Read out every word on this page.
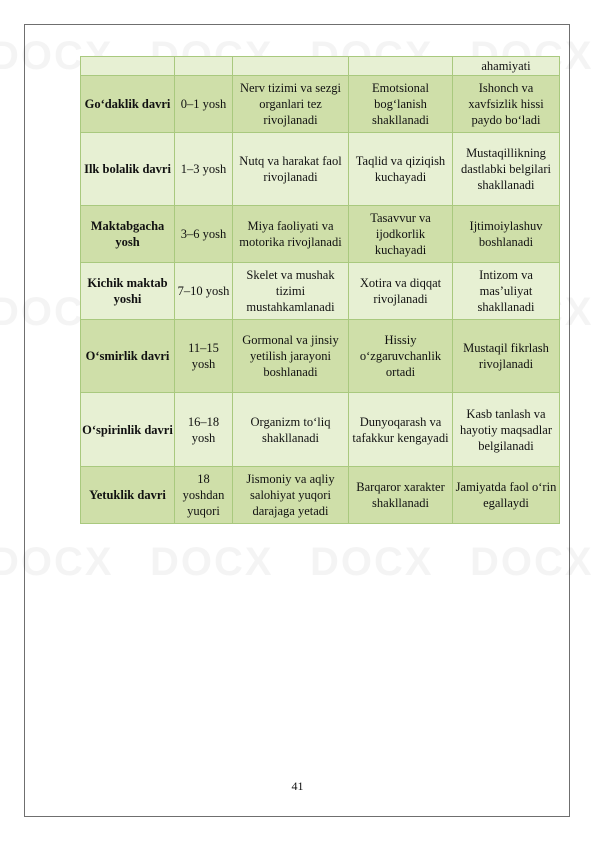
				ahamiyati
Go‘daklik davri	0–1 yosh	Nerv tizimi va sezgi organlari tez rivojlanadi	Emotsional bog‘lanish shakllanadi	Ishonch va xavfsizlik hissi paydo bo‘ladi
Ilk bolalik davri	1–3 yosh	Nutq va harakat faol rivojlanadi	Taqlid va qiziqish kuchayadi	Mustaqillikning dastlabki belgilari shakllanadi
Maktabgacha yosh	3–6 yosh	Miya faoliyati va motorika rivojlanadi	Tasavvur va ijodkorlik kuchayadi	Ijtimoiylashuv boshlanadi
Kichik maktab yoshi	7–10 yosh	Skelet va mushak tizimi mustahkamlanadi	Xotira va diqqat rivojlanadi	Intizom va mas’uliyat shakllanadi
O‘smirlik davri	11–15 yosh	Gormonal va jinsiy yetilish jarayoni boshlanadi	Hissiy o‘zgaruvchanlik ortadi	Mustaqil fikrlash rivojlanadi
O‘spirinlik davri	16–18 yosh	Organizm to‘liq shakllanadi	Dunyoqarash va tafakkur kengayadi	Kasb tanlash va hayotiy maqsadlar belgilanadi
Yetuklik davri	18 yoshdan yuqori	Jismoniy va aqliy salohiyat yuqori darajaga yetadi	Barqaror xarakter shakllanadi	Jamiyatda faol o‘rin egallaydi
41
